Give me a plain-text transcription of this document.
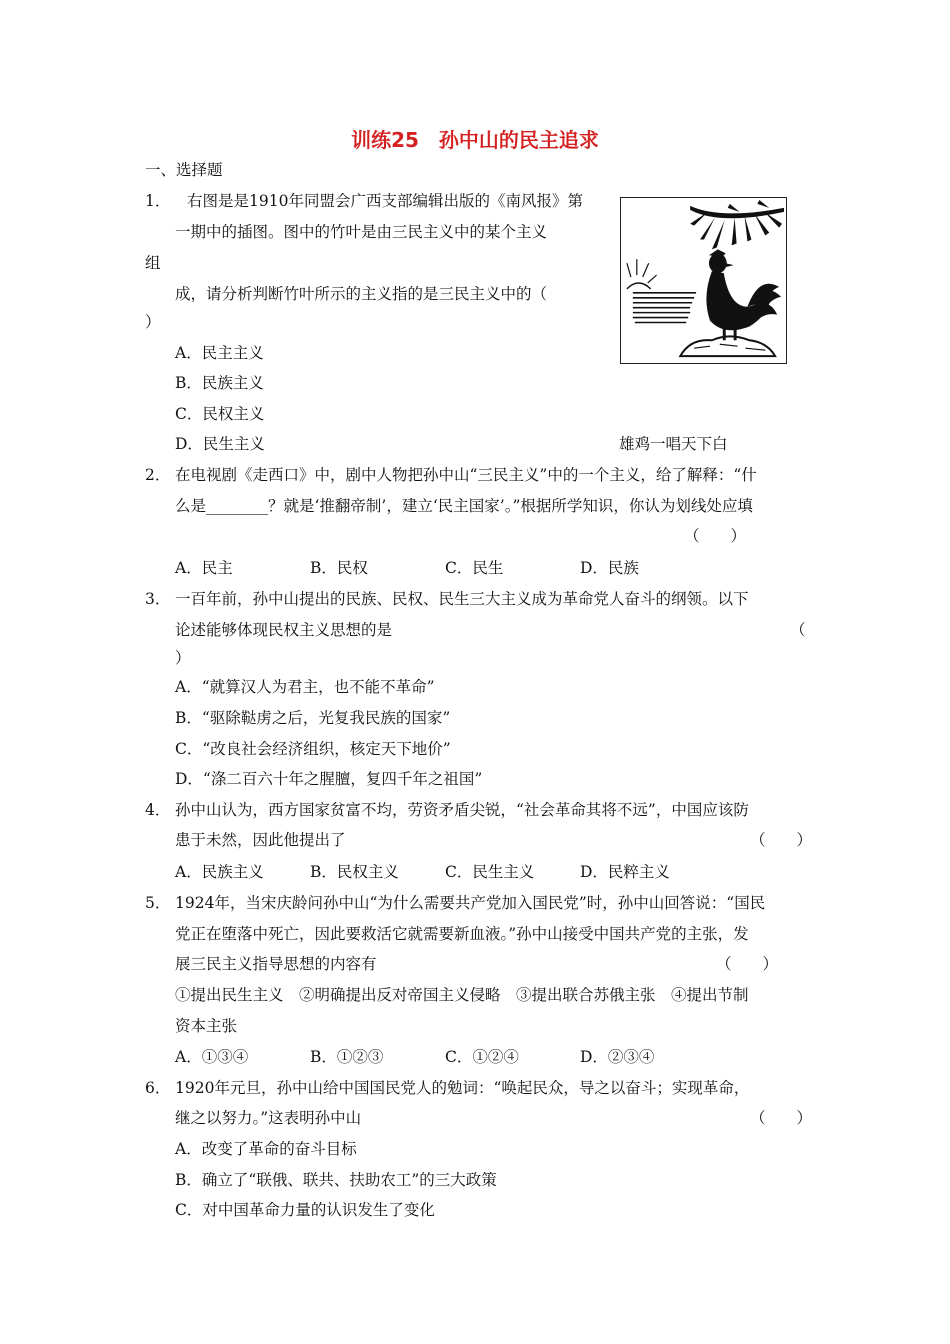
训练25　孙中山的民主追求
一、选择题
雄鸡一唱天下白
1． 右图是是1910年同盟会广西支部编辑出版的《南风报》第
一期中的插图。图中的竹叶是由三民主义中的某个主义
组
成，请分析判断竹叶所示的主义指的是三民主义中的（
）
A．民主主义
B．民族主义
C．民权主义
D．民生主义
2． 在电视剧《走西口》中，剧中人物把孙中山“三民主义”中的一个主义，给了解释：“什
么是________？就是‘推翻帝制’，建立‘民主国家’。”根据所学知识，你认为划线处应填
（　　）
A．民主	B．民权	C．民生	D．民族
3． 一百年前，孙中山提出的民族、民权、民生三大主义成为革命党人奋斗的纲领。以下
论述能够体现民权主义思想的是	（
）
A．“就算汉人为君主，也不能不革命”
B．“驱除鞑虏之后，光复我民族的国家”
C．“改良社会经济组织，核定天下地价”
D．“涤二百六十年之腥膻，复四千年之祖国”
4． 孙中山认为，西方国家贫富不均，劳资矛盾尖锐，“社会革命其将不远”，中国应该防
患于未然，因此他提出了	（　　）
A．民族主义	B．民权主义	C．民生主义	D．民粹主义
5． 1924年，当宋庆龄问孙中山“为什么需要共产党加入国民党”时，孙中山回答说：“国民
党正在堕落中死亡，因此要救活它就需要新血液。”孙中山接受中国共产党的主张，发
展三民主义指导思想的内容有	（　　）
①提出民生主义　②明确提出反对帝国主义侵略　③提出联合苏俄主张　④提出节制
资本主张
A．①③④	B．①②③	C．①②④	D．②③④
6． 1920年元旦，孙中山给中国国民党人的勉词：“唤起民众，导之以奋斗；实现革命，
继之以努力。”这表明孙中山	（　　）
A．改变了革命的奋斗目标
B．确立了“联俄、联共、扶助农工”的三大政策
C．对中国革命力量的认识发生了变化
